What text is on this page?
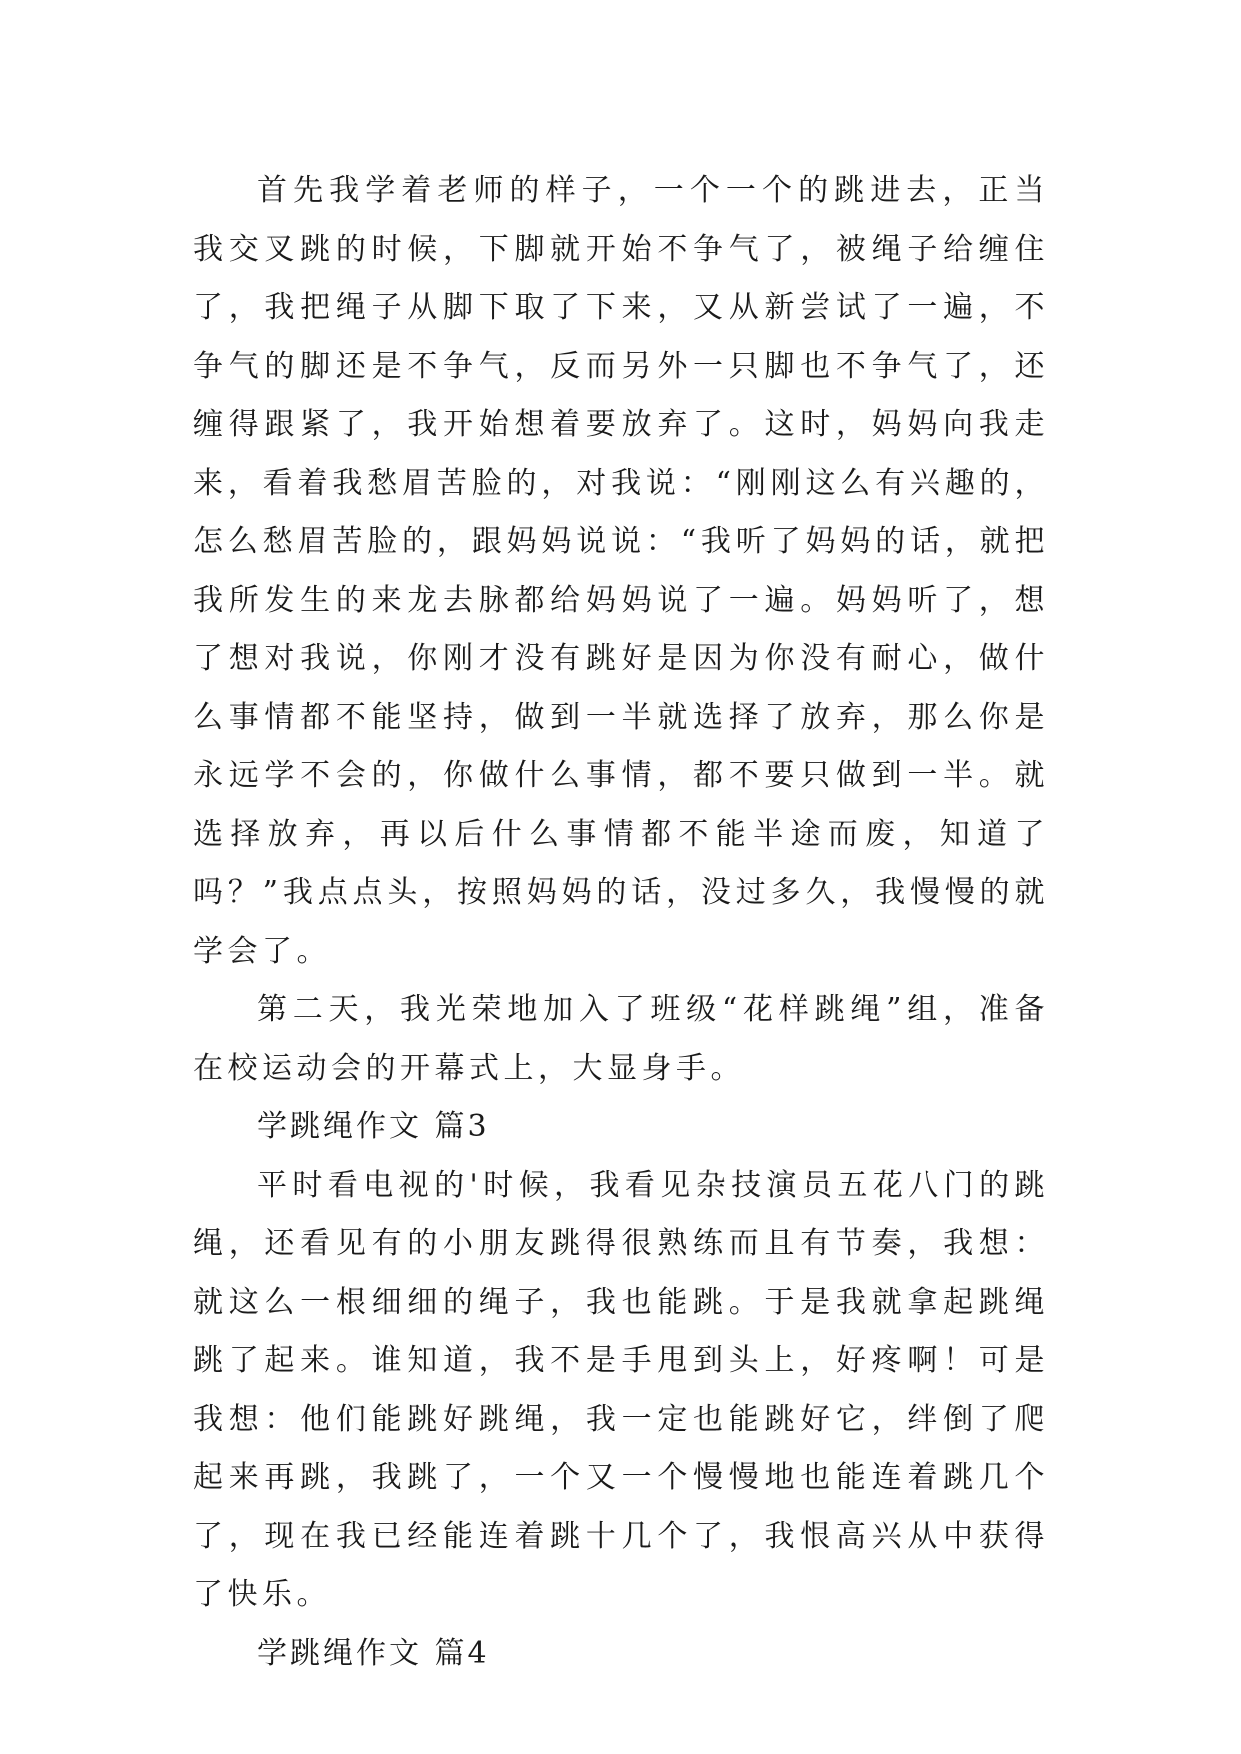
首先我学着老师的样子，一个一个的跳进去，正当我交叉跳的时候，下脚就开始不争气了，被绳子给缠住了，我把绳子从脚下取了下来，又从新尝试了一遍，不争气的脚还是不争气，反而另外一只脚也不争气了，还缠得跟紧了，我开始想着要放弃了。这时，妈妈向我走来，看着我愁眉苦脸的，对我说：“刚刚这么有兴趣的，怎么愁眉苦脸的，跟妈妈说说：“我听了妈妈的话，就把我所发生的来龙去脉都给妈妈说了一遍。妈妈听了，想了想对我说，你刚才没有跳好是因为你没有耐心，做什么事情都不能坚持，做到一半就选择了放弃，那么你是永远学不会的，你做什么事情，都不要只做到一半。就选择放弃，再以后什么事情都不能半途而废，知道了吗？”我点点头，按照妈妈的话，没过多久，我慢慢的就学会了。

第二天，我光荣地加入了班级“花样跳绳”组，准备在校运动会的开幕式上，大显身手。

学跳绳作文 篇3

平时看电视的'时候，我看见杂技演员五花八门的跳绳，还看见有的小朋友跳得很熟练而且有节奏，我想：就这么一根细细的绳子，我也能跳。于是我就拿起跳绳跳了起来。谁知道，我不是手甩到头上，好疼啊！可是我想：他们能跳好跳绳，我一定也能跳好它，绊倒了爬起来再跳，我跳了，一个又一个慢慢地也能连着跳几个了，现在我已经能连着跳十几个了，我恨高兴从中获得了快乐。

学跳绳作文 篇4
